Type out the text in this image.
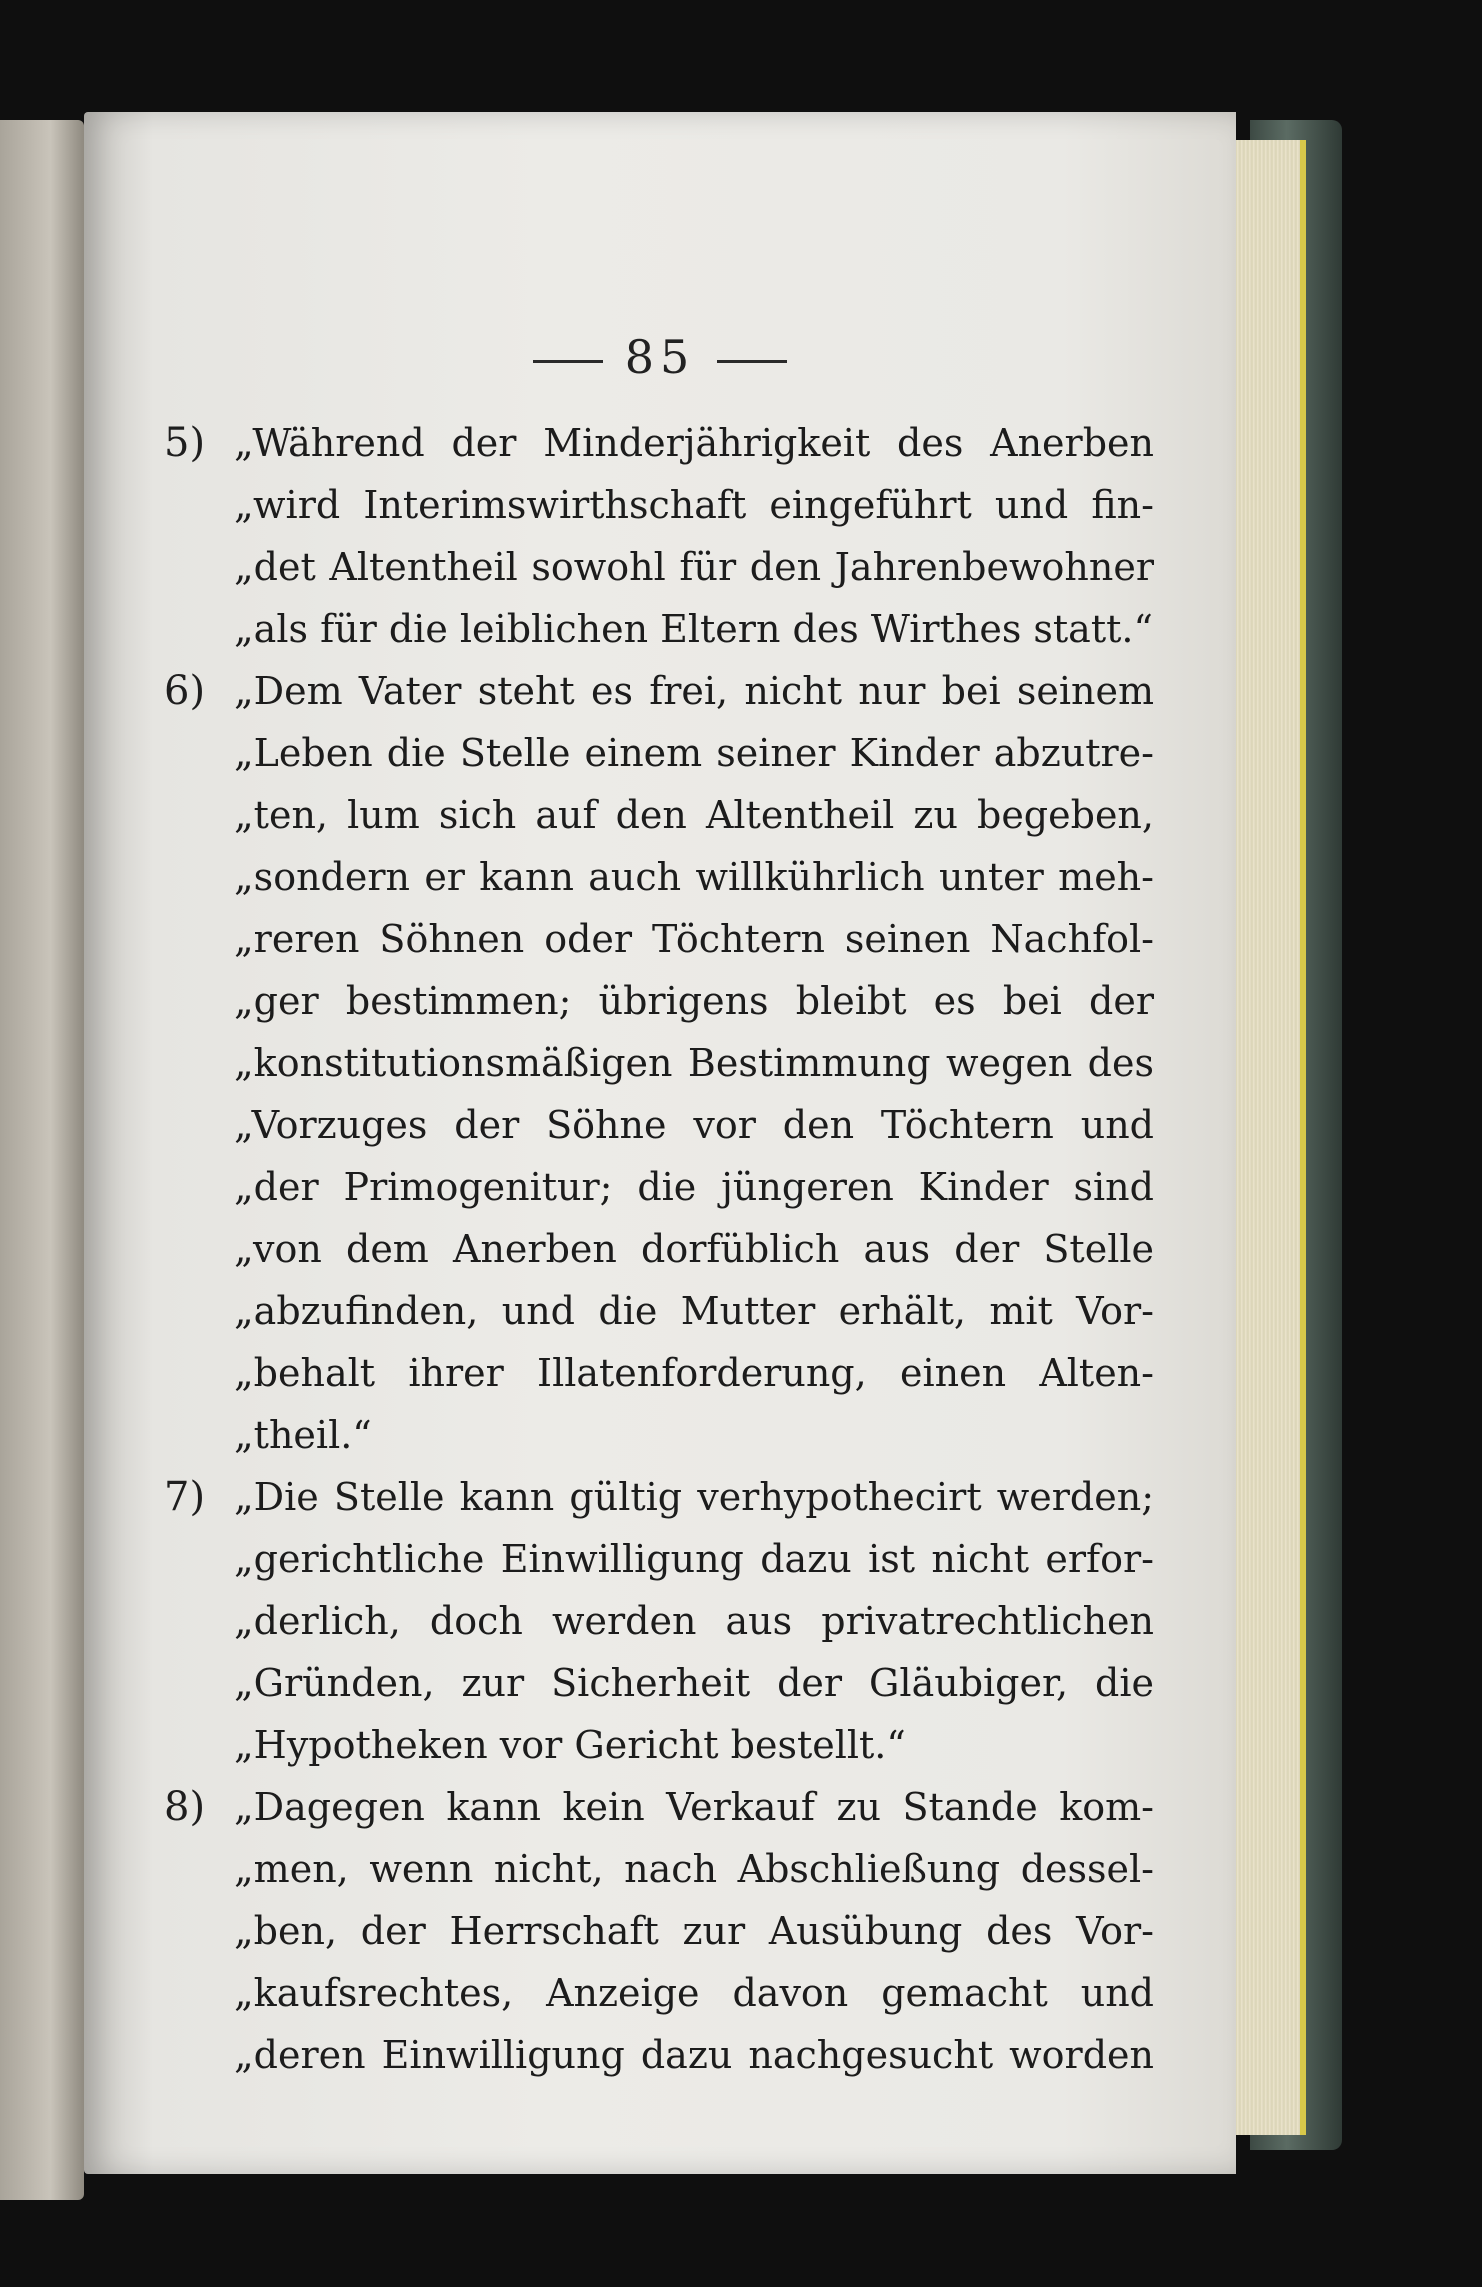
85
5) „Während der Minderjährigkeit des Anerben
„wird Interimswirthschaft eingeführt und fin-
„det Altentheil sowohl für den Jahrenbewohner
„als für die leiblichen Eltern des Wirthes statt.“
6) „Dem Vater steht es frei, nicht nur bei seinem
„Leben die Stelle einem seiner Kinder abzutre-
„ten, lum sich auf den Altentheil zu begeben,
„sondern er kann auch willkührlich unter meh-
„reren Söhnen oder Töchtern seinen Nachfol-
„ger bestimmen; übrigens bleibt es bei der
„konstitutionsmäßigen Bestimmung wegen des
„Vorzuges der Söhne vor den Töchtern und
„der Primogenitur; die jüngeren Kinder sind
„von dem Anerben dorfüblich aus der Stelle
„abzufinden, und die Mutter erhält, mit Vor-
„behalt ihrer Illatenforderung, einen Alten-
„theil.“
7) „Die Stelle kann gültig verhypothecirt werden;
„gerichtliche Einwilligung dazu ist nicht erfor-
„derlich, doch werden aus privatrechtlichen
„Gründen, zur Sicherheit der Gläubiger, die
„Hypotheken vor Gericht bestellt.“
8) „Dagegen kann kein Verkauf zu Stande kom-
„men, wenn nicht, nach Abschließung dessel-
„ben, der Herrschaft zur Ausübung des Vor-
„kaufsrechtes, Anzeige davon gemacht und
„deren Einwilligung dazu nachgesucht worden
